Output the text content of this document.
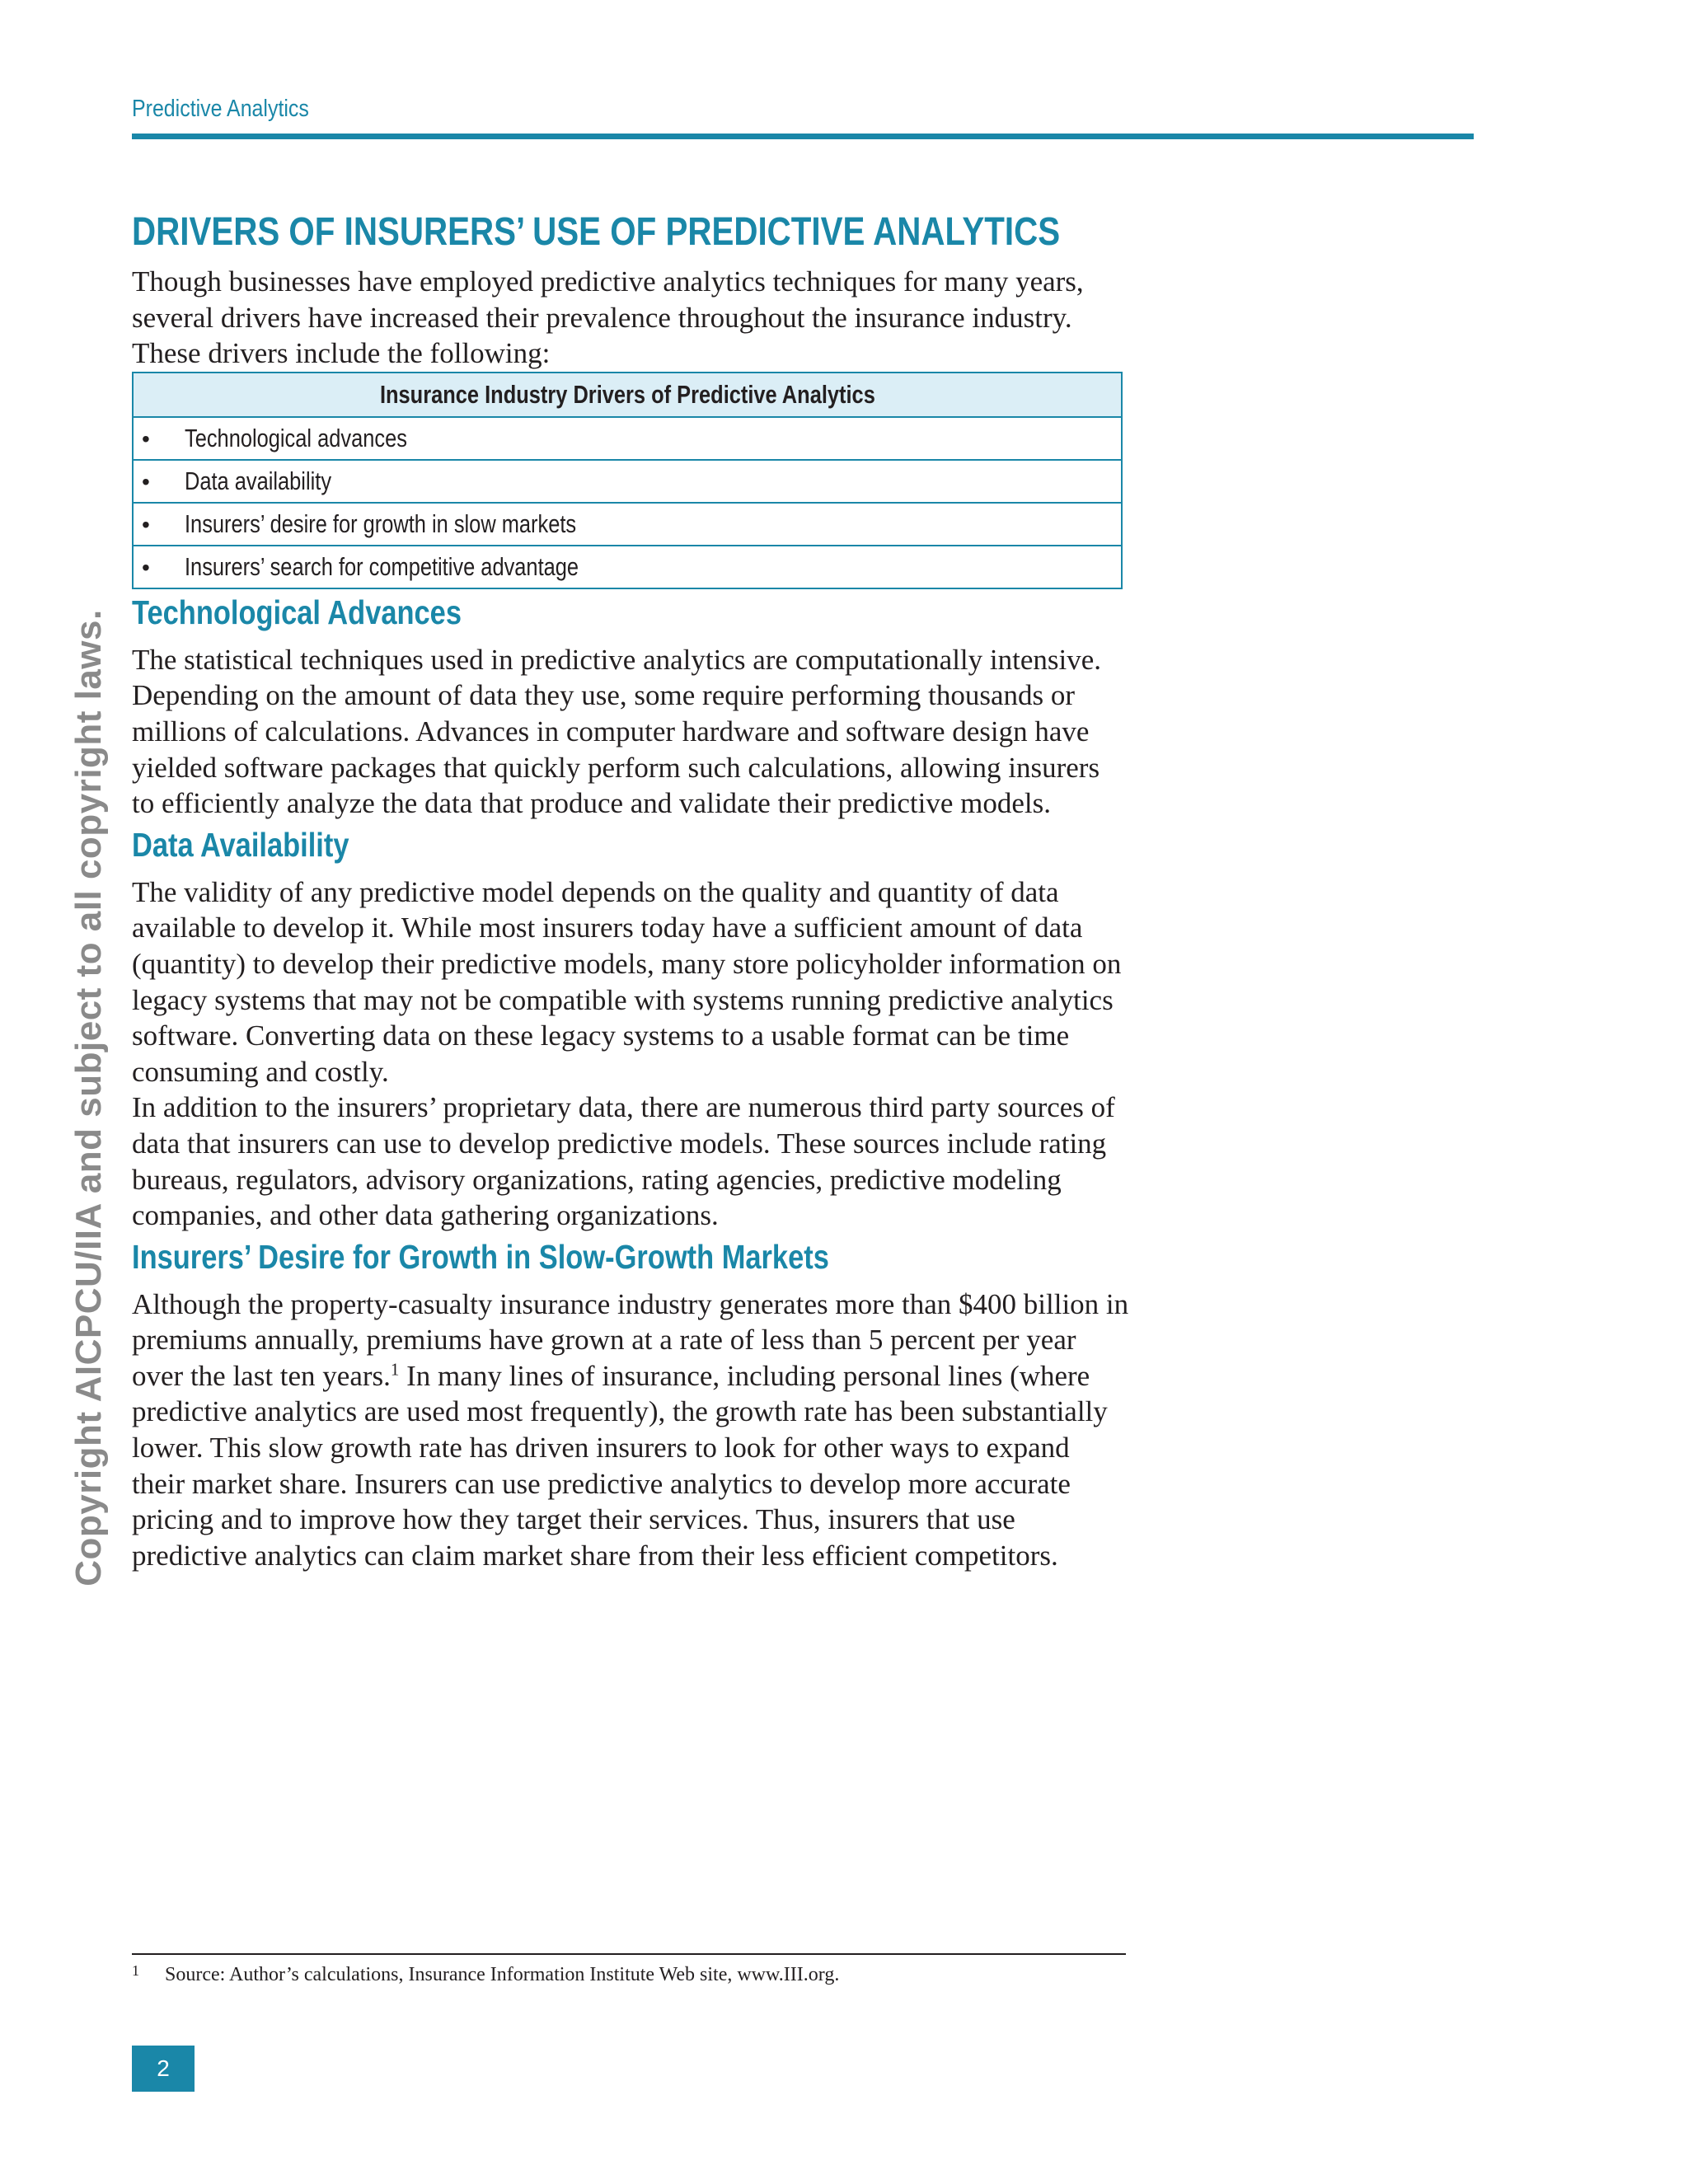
Predictive Analytics
Copyright AICPCU/IIA and subject to all copyright laws.
DRIVERS OF INSURERS’ USE OF PREDICTIVE ANALYTICS

Though businesses have employed predictive analytics techniques for many years, several drivers have increased their prevalence throughout the insurance industry. These drivers include the following:

Insurance Industry Drivers of Predictive Analytics
• Technological advances
• Data availability
• Insurers’ desire for growth in slow markets
• Insurers’ search for competitive advantage
Technological Advances

The statistical techniques used in predictive analytics are computationally intensive. Depending on the amount of data they use, some require performing thousands or millions of calculations. Advances in computer hardware and software design have yielded software packages that quickly perform such calculations, allowing insurers to efficiently analyze the data that produce and validate their predictive models.

Data Availability

The validity of any predictive model depends on the quality and quantity of data available to develop it. While most insurers today have a sufficient amount of data (quantity) to develop their predictive models, many store policyholder information on legacy systems that may not be compatible with systems running predictive analytics software. Converting data on these legacy systems to a usable format can be time consuming and costly.

In addition to the insurers’ proprietary data, there are numerous third party sources of data that insurers can use to develop predictive models. These sources include rating bureaus, regulators, advisory organizations, rating agencies, predictive modeling companies, and other data gathering organizations.

Insurers’ Desire for Growth in Slow-Growth Markets

Although the property-casualty insurance industry generates more than $400 billion in premiums annually, premiums have grown at a rate of less than 5 percent per year over the last ten years.$^1$ In many lines of insurance, including personal lines (where predictive analytics are used most frequently), the growth rate has been substantially lower. This slow growth rate has driven insurers to look for other ways to expand their market share. Insurers can use predictive analytics to develop more accurate pricing and to improve how they target their services. Thus, insurers that use predictive analytics can claim market share from their less efficient competitors.

1 Source: Author’s calculations, Insurance Information Institute Web site, www.III.org.
2
